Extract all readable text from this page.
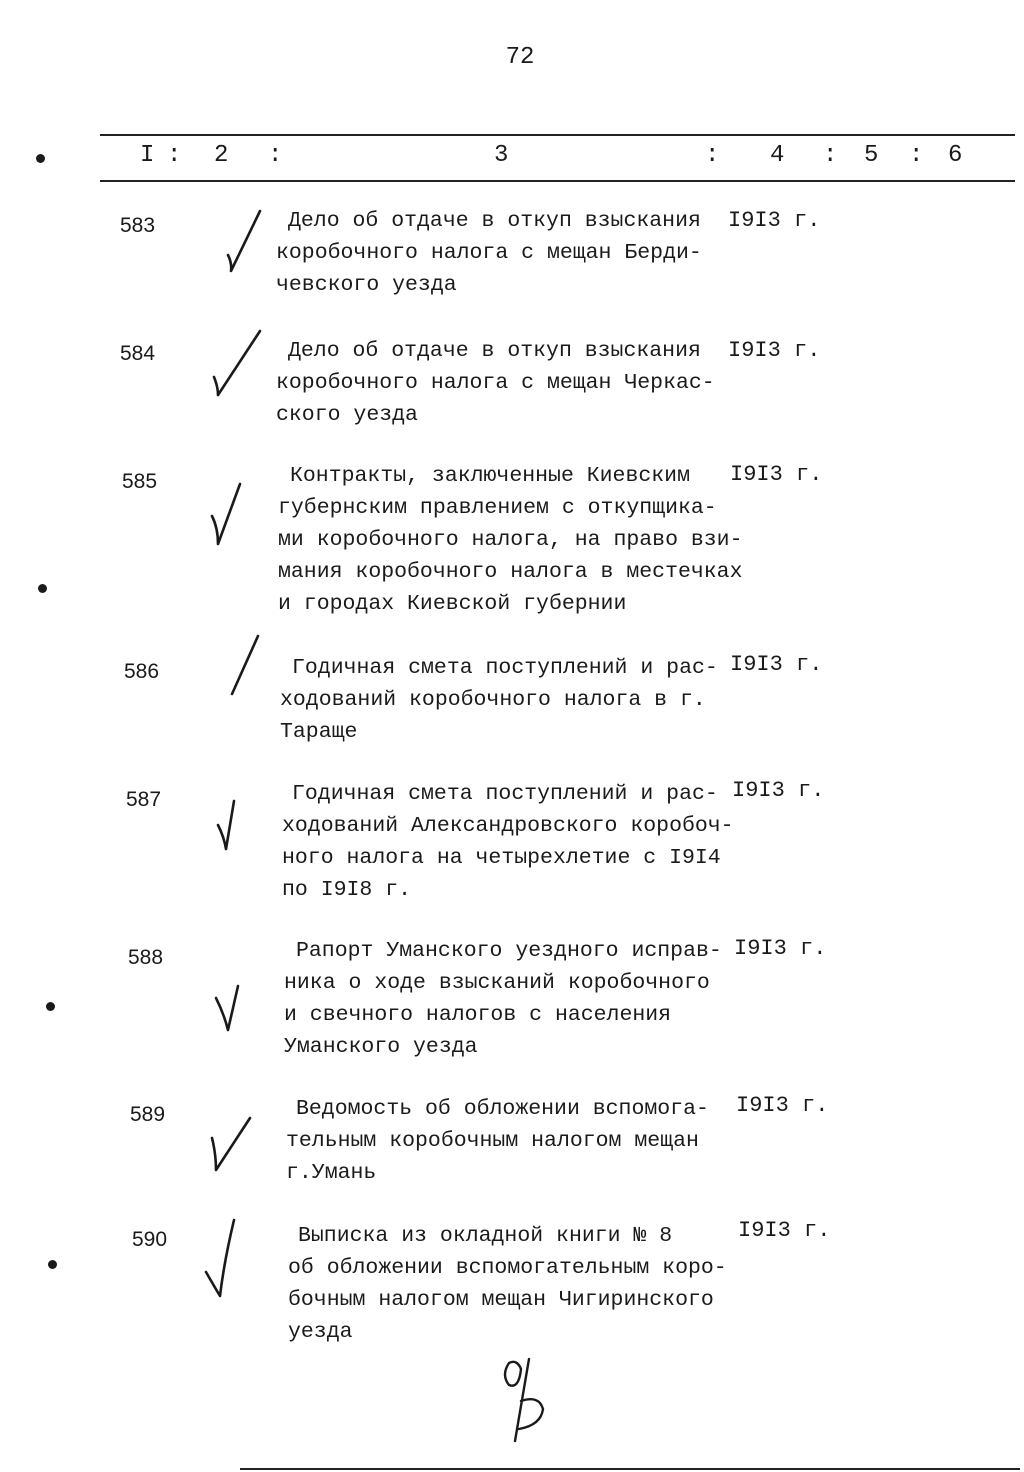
72
I : 2 :	3	: 4 : 5 : 6
583	Дело об отдаче в откуп взыскания
коробочного налога с мещан Берди-
чевского уезда
I9I3 г.
584	Дело об отдаче в откуп взыскания
коробочного налога с мещан Черкас-
ского уезда
I9I3 г.
585	Контракты, заключенные Киевским
губернским правлением с откупщика-
ми коробочного налога, на право взи-
мания коробочного налога в местечках
и городах Киевской губернии
I9I3 г.
586	Годичная смета поступлений и рас-
ходований коробочного налога в г.
Тараще
I9I3 г.
587	Годичная смета поступлений и рас-
ходований Александровского коробоч-
ного налога на четырехлетие с I9I4
по I9I8 г.
I9I3 г.
588	Рапорт Уманского уездного исправ-
ника о ходе взысканий коробочного
и свечного налогов с населения
Уманского уезда
I9I3 г.
589	Ведомость об обложении вспомога-
тельным коробочным налогом мещан
г.Умань
I9I3 г.
590	Выписка из окладной книги № 8
об обложении вспомогательным коро-
бочным налогом мещан Чигиринского
уезда
I9I3 г.
